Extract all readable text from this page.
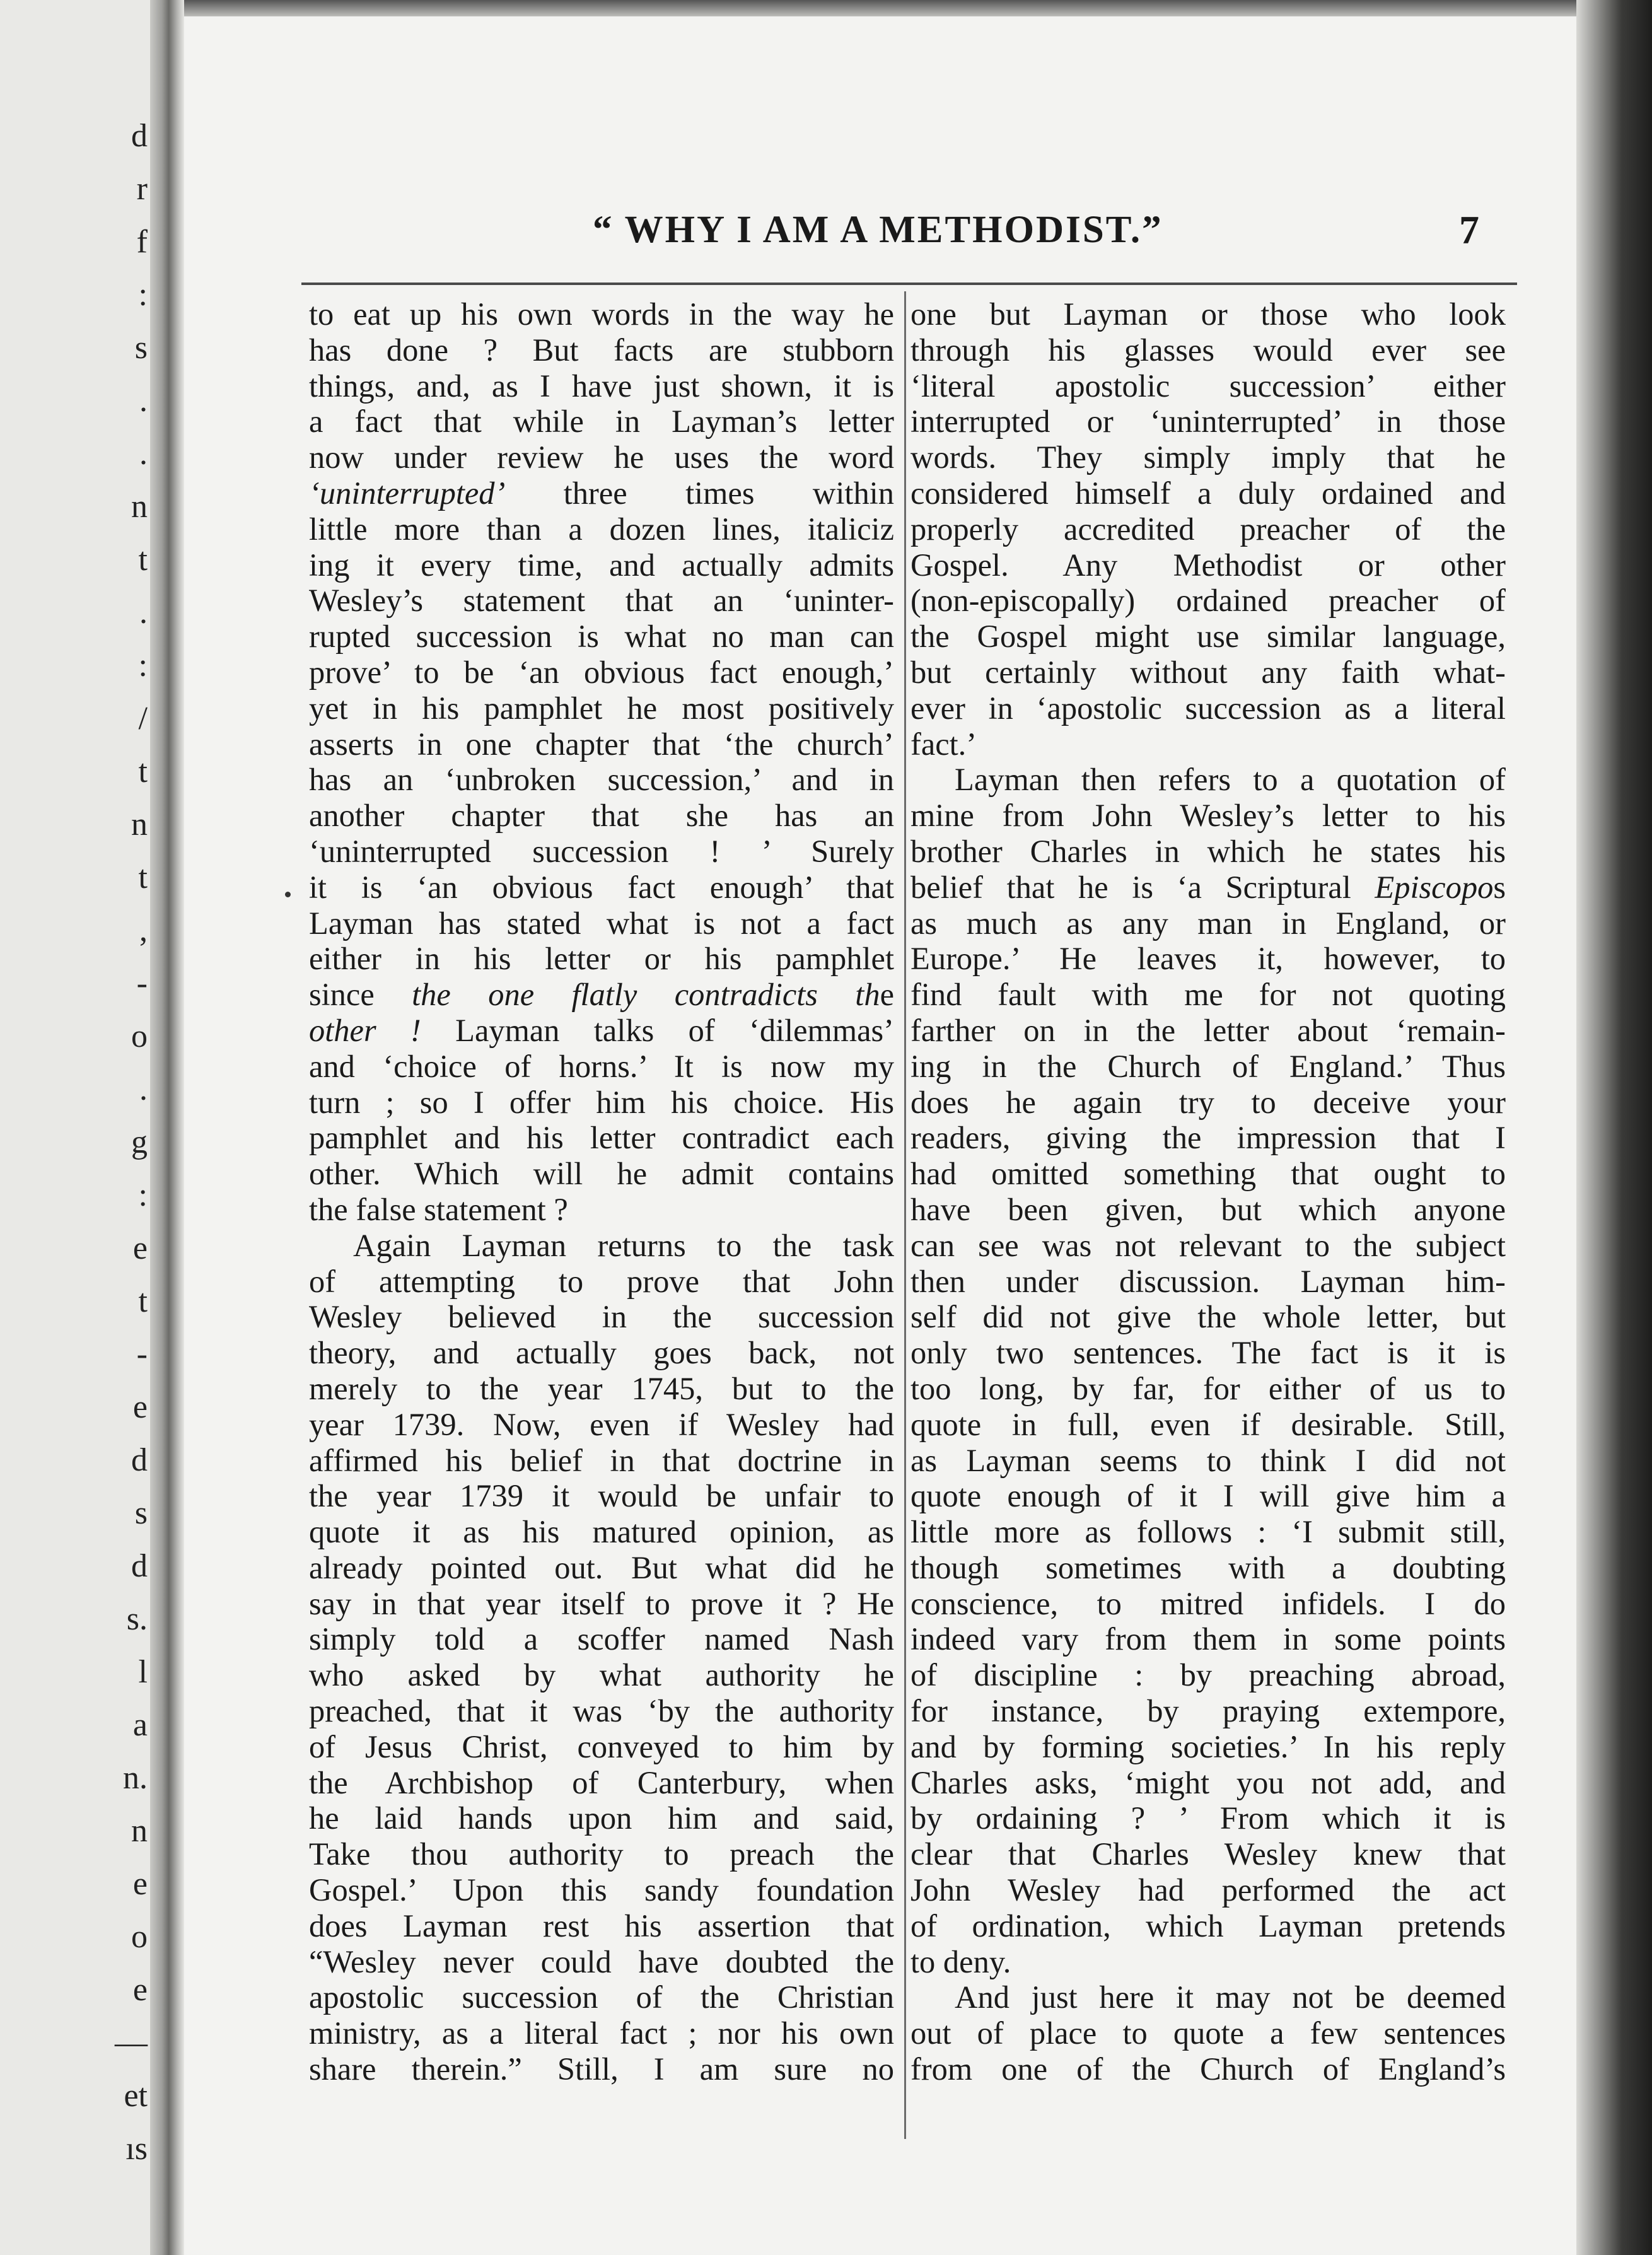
d
r
f
:
s
.
.
n
t
.
:
/
t
n
t
,
-
o
.
g
:
e
t
-
e
d
s
d
s.
l
a
n.
n
e
o
e
—
et
ıs
“ WHY I AM A METHODIST.”	7
to eat up his own words in the way he
has done ? But facts are stubborn
things, and, as I have just shown, it is
a fact that while in Layman’s letter
now under review he uses the word
‘uninterrupted’ three times within
little more than a dozen lines, italiciz
ing it every time, and actually admits
Wesley’s statement that an ‘uninter-
rupted succession is what no man can
prove’ to be ‘an obvious fact enough,’
yet in his pamphlet he most positively
asserts in one chapter that ‘the church’
has an ‘unbroken succession,’ and in
another chapter that she has an
‘uninterrupted succession ! ’ Surely
it is ‘an obvious fact enough’ that
Layman has stated what is not a fact
either in his letter or his pamphlet
since the one flatly contradicts the
other ! Layman talks of ‘dilemmas’
and ‘choice of horns.’ It is now my
turn ; so I offer him his choice. His
pamphlet and his letter contradict each
other. Which will he admit contains
the false statement ?
Again Layman returns to the task
of attempting to prove that John
Wesley believed in the succession
theory, and actually goes back, not
merely to the year 1745, but to the
year 1739. Now, even if Wesley had
affirmed his belief in that doctrine in
the year 1739 it would be unfair to
quote it as his matured opinion, as
already pointed out. But what did he
say in that year itself to prove it ? He
simply told a scoffer named Nash
who asked by what authority he
preached, that it was ‘by the authority
of Jesus Christ, conveyed to him by
the Archbishop of Canterbury, when
he laid hands upon him and said,
Take thou authority to preach the
Gospel.’ Upon this sandy foundation
does Layman rest his assertion that
“Wesley never could have doubted the
apostolic succession of the Christian
ministry, as a literal fact ; nor his own
share therein.” Still, I am sure no
one but Layman or those who look
through his glasses would ever see
‘literal apostolic succession’ either
interrupted or ‘uninterrupted’ in those
words. They simply imply that he
considered himself a duly ordained and
properly accredited preacher of the
Gospel. Any Methodist or other
(non-episcopally) ordained preacher of
the Gospel might use similar language,
but certainly without any faith what-
ever in ‘apostolic succession as a literal
fact.’
Layman then refers to a quotation of
mine from John Wesley’s letter to his
brother Charles in which he states his
belief that he is ‘a Scriptural Episcopos
as much as any man in England, or
Europe.’ He leaves it, however, to
find fault with me for not quoting
farther on in the letter about ‘remain-
ing in the Church of England.’ Thus
does he again try to deceive your
readers, giving the impression that I
had omitted something that ought to
have been given, but which anyone
can see was not relevant to the subject
then under discussion. Layman him-
self did not give the whole letter, but
only two sentences. The fact is it is
too long, by far, for either of us to
quote in full, even if desirable. Still,
as Layman seems to think I did not
quote enough of it I will give him a
little more as follows : ‘I submit still,
though sometimes with a doubting
conscience, to mitred infidels. I do
indeed vary from them in some points
of discipline : by preaching abroad,
for instance, by praying extempore,
and by forming societies.’ In his reply
Charles asks, ‘might you not add, and
by ordaining ? ’ From which it is
clear that Charles Wesley knew that
John Wesley had performed the act
of ordination, which Layman pretends
to deny.
And just here it may not be deemed
out of place to quote a few sentences
from one of the Church of England’s
